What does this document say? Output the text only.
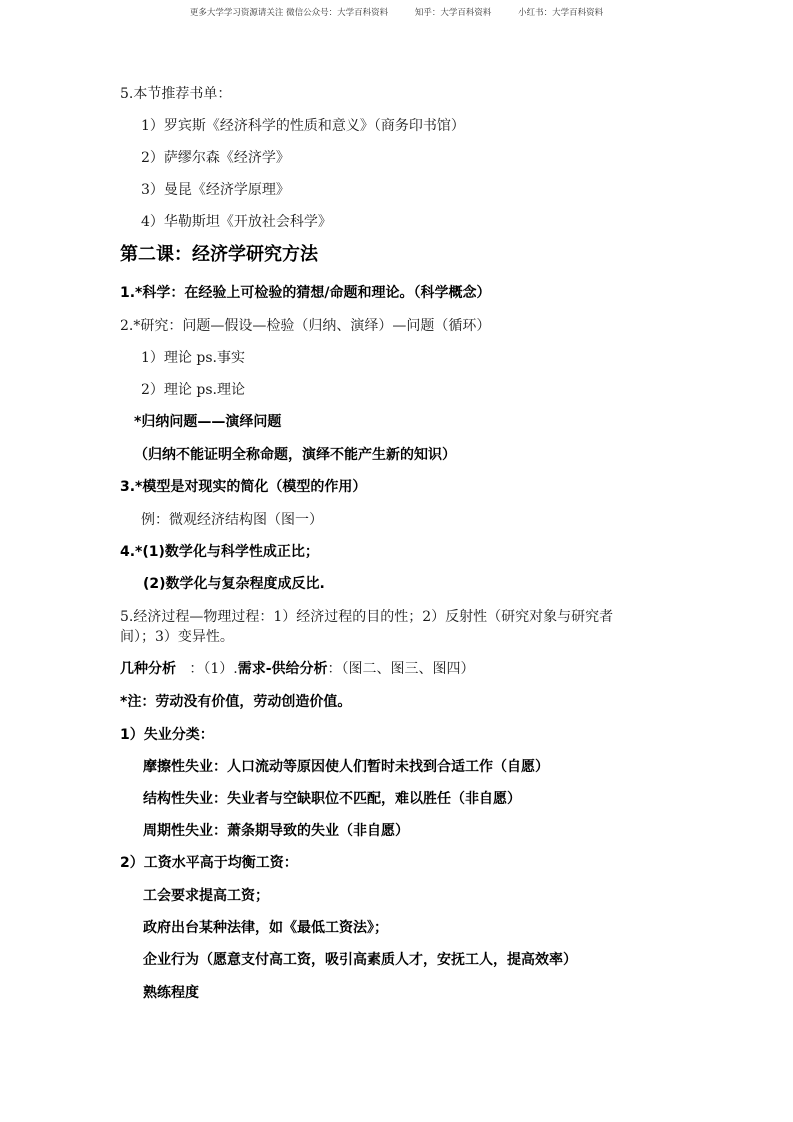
更多大学学习资源请关注 微信公众号：大学百科资料	知乎：大学百科资料	小红书：大学百科资料
5.本节推荐书单：
1）罗宾斯《经济科学的性质和意义》（商务印书馆）
2）萨缪尔森《经济学》
3）曼昆《经济学原理》
4）华勒斯坦《开放社会科学》
第二课：经济学研究方法
1.*科学：在经验上可检验的猜想/命题和理论。（科学概念）
2.*研究：问题—假设—检验（归纳、演绎）—问题（循环）
1）理论 ps.事实
2）理论 ps.理论
*归纳问题——演绎问题
（归纳不能证明全称命题，演绎不能产生新的知识）
3.*模型是对现实的简化（模型的作用）
例：微观经济结构图（图一）
4.*(1)数学化与科学性成正比；
(2)数学化与复杂程度成反比.
5.经济过程—物理过程：1）经济过程的目的性；2）反射性（研究对象与研究者间）；3）变异性。
几种分析 ：（1）.需求-供给分析：（图二、图三、图四）
*注：劳动没有价值，劳动创造价值。
1）失业分类：
摩擦性失业：人口流动等原因使人们暂时未找到合适工作（自愿）
结构性失业：失业者与空缺职位不匹配，难以胜任（非自愿）
周期性失业：萧条期导致的失业（非自愿）
2）工资水平高于均衡工资：
工会要求提高工资；
政府出台某种法律，如《最低工资法》；
企业行为（愿意支付高工资，吸引高素质人才，安抚工人，提高效率）
熟练程度
